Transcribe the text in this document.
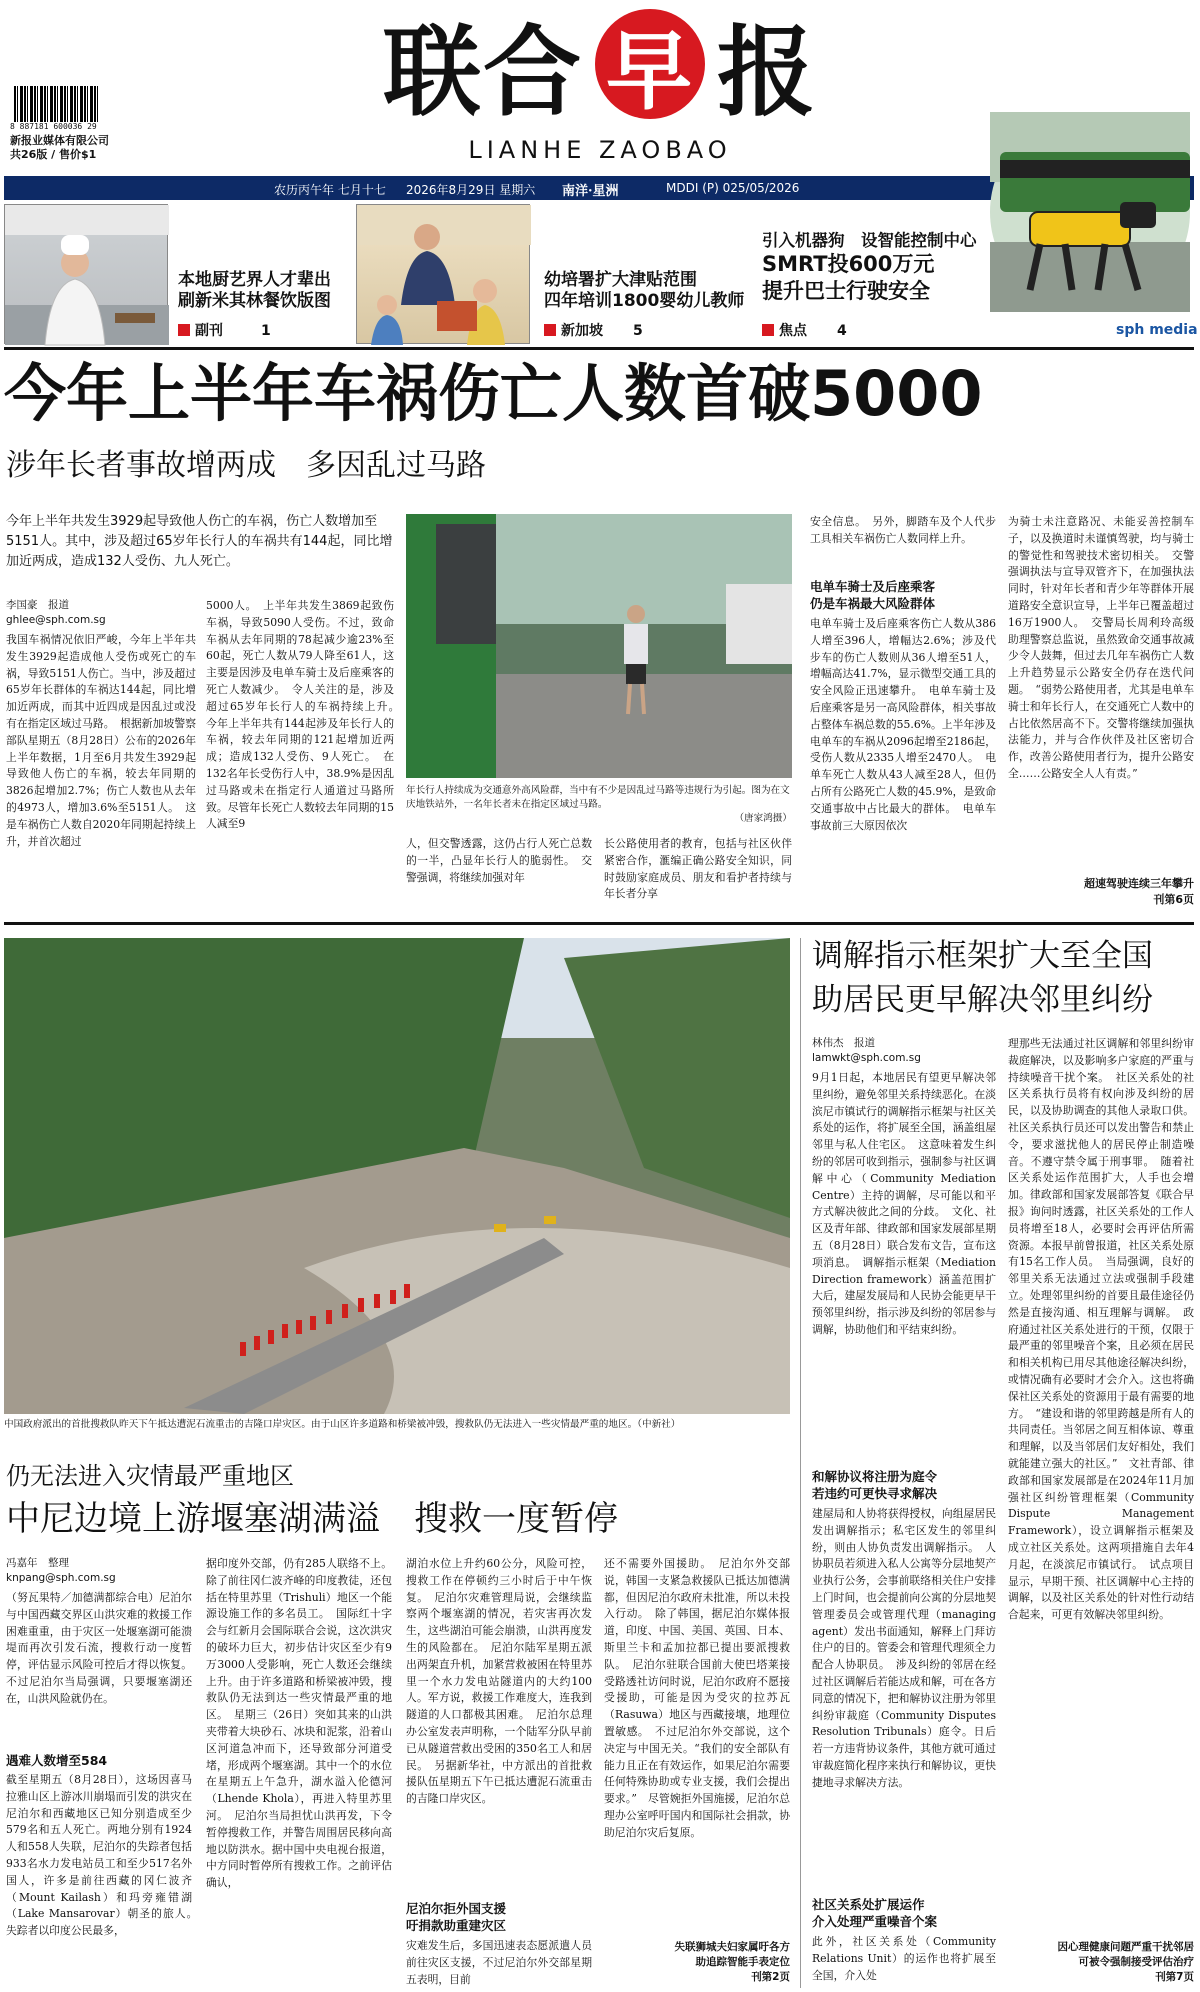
8 887181 600036 29
新报业媒体有限公司
共26版 / 售价$1
联合 早 报
LIANHE ZAOBAO
农历丙午年 七月十七 2026年8月29日 星期六 南洋·星洲	MDDI (P) 025/05/2026
本地厨艺界人才辈出
刷新米其林餐饮版图
副刊	1
幼培署扩大津贴范围
四年培训1800婴幼儿教师
新加坡 5
引入机器狗　设智能控制中心
SMRT投600万元
提升巴士行驶安全
焦点 4	sph media
今年上半年车祸伤亡人数首破5000
涉年长者事故增两成　多因乱过马路
今年上半年共发生3929起导致他人伤亡的车祸，伤亡人数增加至5151人。其中，涉及超过65岁年长行人的车祸共有144起，同比增加近两成，造成132人受伤、九人死亡。
李国豪　报道
ghlee@sph.com.sg
我国车祸情况依旧严峻，今年上半年共发生3929起造成他人受伤或死亡的车祸，导致5151人伤亡。当中，涉及超过65岁年长群体的车祸达144起，同比增加近两成，而其中近四成是因乱过或没有在指定区域过马路。　根据新加坡警察部队星期五（8月28日）公布的2026年上半年数据，1月至6月共发生3929起导致他人伤亡的车祸，较去年同期的3826起增加2.7%；伤亡人数也从去年的4973人，增加3.6%至5151人。　这是车祸伤亡人数自2020年同期起持续上升，并首次超过
5000人。　上半年共发生3869起致伤车祸，导致5090人受伤。不过，致命车祸从去年同期的78起减少逾23%至60起，死亡人数从79人降至61人，这主要是因涉及电单车骑士及后座乘客的死亡人数减少。　令人关注的是，涉及超过65岁年长行人的车祸持续上升。　今年上半年共有144起涉及年长行人的车祸，较去年同期的121起增加近两成；造成132人受伤、9人死亡。　在132名年长受伤行人中，38.9%是因乱过马路或未在指定行人通道过马路所致。尽管年长死亡人数较去年同期的15人减至9
年长行人持续成为交通意外高风险群，当中有不少是因乱过马路等违规行为引起。图为在文庆地铁站外，一名年长者未在指定区域过马路。
（唐家鸿摄）
人，但交警透露，这仍占行人死亡总数的一半，凸显年长行人的脆弱性。　交警强调，将继续加强对年
长公路使用者的教育，包括与社区伙伴紧密合作，滙编正确公路安全知识，同时鼓励家庭成员、朋友和看护者持续与年长者分享
安全信息。　另外，脚踏车及个人代步工具相关车祸伤亡人数同样上升。
电单车骑士及后座乘客
仍是车祸最大风险群体
电单车骑士及后座乘客伤亡人数从386人增至396人，增幅达2.6%；涉及代步车的伤亡人数则从36人增至51人，增幅高达41.7%，显示微型交通工具的安全风险正迅速攀升。　电单车骑士及后座乘客是另一高风险群体，相关事故占整体车祸总数的55.6%。上半年涉及电单车的车祸从2096起增至2186起，受伤人数从2335人增至2470人。　电单车死亡人数从43人减至28人，但仍占所有公路死亡人数的45.9%，是致命交通事故中占比最大的群体。　电单车事故前三大原因依次
为骑士未注意路况、未能妥善控制车子，以及换道时未谨慎驾驶，均与骑士的警觉性和驾驶技术密切相关。　交警强调执法与宣导双管齐下，在加强执法同时，针对年长者和青少年等群体开展道路安全意识宣导，上半年已覆盖超过16万1900人。　交警局长周利玲高级助理警察总监说，虽然致命交通事故减少令人鼓舞，但过去几年车祸伤亡人数上升趋势显示公路安全仍存在迭代问题。　“弱势公路使用者，尤其是电单车骑士和年长行人，在交通死亡人数中的占比依然居高不下。交警将继续加强执法能力，并与合作伙伴及社区密切合作，改善公路使用者行为，提升公路安全……公路安全人人有责。”
超速驾驶连续三年攀升
刊第6页
中国政府派出的首批搜救队昨天下午抵达遭泥石流重击的吉隆口岸灾区。由于山区许多道路和桥梁被冲毁，搜救队仍无法进入一些灾情最严重的地区。（中新社）
仍无法进入灾情最严重地区
中尼边境上游堰塞湖满溢　搜救一度暂停
冯嘉年　整理
knpang@sph.com.sg
（努瓦果特／加德满都综合电）尼泊尔与中国西藏交界区山洪灾难的救援工作困难重重，由于灾区一处堰塞湖可能溃堤而再次引发石流，搜救行动一度暂停，评估显示风险可控后才得以恢复。不过尼泊尔当局强调，只要堰塞湖还在，山洪风险就仍在。
遇难人数增至584
截至星期五（8月28日），这场因喜马拉雅山区上游冰川崩塌而引发的洪灾在尼泊尔和西藏地区已知分别造成至少579名和五人死亡。两地分别有1924人和558人失联，尼泊尔的失踪者包括933名水力发电站员工和至少517名外国人，许多是前往西藏的冈仁波齐（Mount Kailash）和玛旁雍错湖（Lake Mansarovar）朝圣的旅人。　失踪者以印度公民最多，
据印度外交部，仍有285人联络不上。除了前往冈仁波齐峰的印度教徒，还包括在特里苏里（Trishuli）地区一个能源设施工作的多名员工。　国际红十字会与红新月会国际联合会说，这次洪灾的破坏力巨大，初步估计灾区至少有9万3000人受影响，死亡人数还会继续上升。由于许多道路和桥梁被冲毁，搜救队仍无法到达一些灾情最严重的地区。　星期三（26日）突如其来的山洪夹带着大块砂石、冰块和泥浆，沿着山区河道急冲而下，还导致部分河道受堵，形成两个堰塞湖。其中一个的水位在星期五上午急升，湖水溢入伦德河（Lhende Khola），再进入特里苏里河。　尼泊尔当局担忧山洪再发，下令暂停搜救工作，并警告周围居民移向高地以防洪水。据中国中央电视台报道，中方同时暂停所有搜救工作。之前评估确认，
湖泊水位上升约60公分，风险可控，搜救工作在停顿约三小时后于中午恢复。　尼泊尔灾难管理局说，会继续监察两个堰塞湖的情况，若灾害再次发生，这些湖泊可能会崩溃，山洪再度发生的风险都在。　尼泊尔陆军星期五派出两架直升机，加紧营救被困在特里苏里一个水力发电站隧道内的大约100人。军方说，救援工作难度大，连我到隧道的人口都极其困难。　尼泊尔总理办公室发表声明称，一个陆军分队早前已从隧道营救出受困的350名工人和居民。　另据新华社，中方派出的首批救援队伍星期五下午已抵达遭泥石流重击的吉隆口岸灾区。
尼泊尔拒外国支援
吁捐款助重建灾区
灾难发生后，多国迅速表态愿派遣人员前往灾区支援，不过尼泊尔外交部星期五表明，目前
还不需要外国援助。　尼泊尔外交部说，韩国一支紧急救援队已抵达加德满都，但因尼泊尔政府未批准，所以未投入行动。　除了韩国，据尼泊尔媒体报道，印度、中国、美国、英国、日本、斯里兰卡和孟加拉都已提出要派搜救队。　尼泊尔驻联合国前大使巴塔莱接受路透社访问时说，尼泊尔政府不愿接受援助，可能是因为受灾的拉苏瓦（Rasuwa）地区与西藏接壤，地理位置敏感。　不过尼泊尔外交部说，这个决定与中国无关。“我们的安全部队有能力且正在有效运作，如果尼泊尔需要任何特殊协助或专业支援，我们会提出要求。”　尽管婉拒外国施援，尼泊尔总理办公室呼吁国内和国际社会捐款，协助尼泊尔灾后复原。
失联狮城夫妇家属吁各方
助追踪智能手表定位
刊第2页
调解指示框架扩大至全国
助居民更早解决邻里纠纷
林伟杰　报道
lamwkt@sph.com.sg
9月1日起，本地居民有望更早解决邻里纠纷，避免邻里关系持续恶化。在淡滨尼市镇试行的调解指示框架与社区关系处的运作，将扩展至全国，涵盖组屋邻里与私人住宅区。　这意味着发生纠纷的邻居可收到指示，强制参与社区调解中心（Community Mediation Centre）主持的调解，尽可能以和平方式解决彼此之间的分歧。　文化、社区及青年部、律政部和国家发展部星期五（8月28日）联合发布文告，宣布这项消息。　调解指示框架（Mediation Direction framework）涵盖范围扩大后，建屋发展局和人民协会能更早干预邻里纠纷，指示涉及纠纷的邻居参与调解，协助他们和平结束纠纷。
和解协议将注册为庭令
若违约可更快寻求解决
建屋局和人协将获得授权，向组屋居民发出调解指示；私宅区发生的邻里纠纷，则由人协负责发出调解指示。　人协职员若须进入私人公寓等分层地契产业执行公务，会事前联络相关住户安排上门时间，也会提前向公寓的分层地契管理委员会或管理代理（managing agent）发出书面通知，解释上门拜访住户的目的。管委会和管理代理须全力配合人协职员。　涉及纠纷的邻居在经过社区调解后若能达成和解，可在各方同意的情况下，把和解协议注册为邻里纠纷审裁庭（Community Disputes Resolution Tribunals）庭令。日后若一方违背协议条件，其他方就可通过审裁庭简化程序来执行和解协议，更快捷地寻求解决方法。
社区关系处扩展运作
介入处理严重噪音个案
此外，社区关系处（Community Relations Unit）的运作也将扩展至全国，介入处
理那些无法通过社区调解和邻里纠纷审裁庭解决，以及影响多户家庭的严重与持续噪音干扰个案。　社区关系处的社区关系执行员将有权向涉及纠纷的居民，以及协助调查的其他人录取口供。社区关系执行员还可以发出警告和禁止令，要求滋扰他人的居民停止制造噪音。不遵守禁令属于刑事罪。　随着社区关系处运作范围扩大，人手也会增加。律政部和国家发展部答复《联合早报》询问时透露，社区关系处的工作人员将增至18人，必要时会再评估所需资源。本报早前曾报道，社区关系处原有15名工作人员。　当局强调，良好的邻里关系无法通过立法或强制手段建立。处理邻里纠纷的首要且最佳途径仍然是直接沟通、相互理解与调解。　政府通过社区关系处进行的干预，仅限于最严重的邻里噪音个案，且必须在居民和相关机构已用尽其他途径解决纠纷，或情况确有必要时才会介入。这也将确保社区关系处的资源用于最有需要的地方。　“建设和谐的邻里跨越是所有人的共同责任。当邻居之间互相体谅、尊重和理解，以及当邻居们友好相处，我们就能建立强大的社区。”　文社青部、律政部和国家发展部是在2024年11月加强社区纠纷管理框架（Community Dispute Management Framework），设立调解指示框架及成立社区关系处。这两项措施自去年4月起，在淡滨尼市镇试行。　试点项目显示，早期干预、社区调解中心主持的调解，以及社区关系处的针对性行动结合起来，可更有效解决邻里纠纷。
因心理健康问题严重干扰邻居
可被令强制接受评估治疗
刊第7页
